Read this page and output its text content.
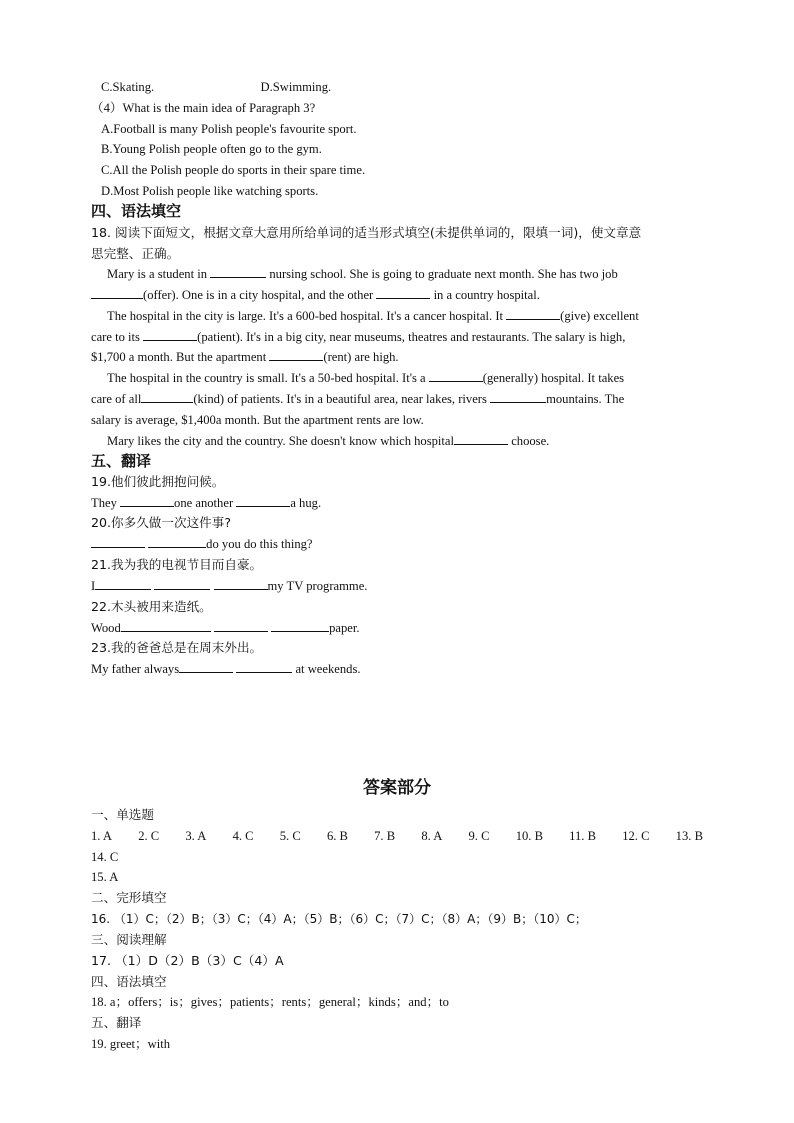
C.Skating.	D.Swimming.
（4）What is the main idea of Paragraph 3?
A.Football is many Polish people's favourite sport.
B.Young Polish people often go to the gym.
C.All the Polish people do sports in their spare time.
D.Most Polish people like watching sports.
四、语法填空
18. 阅读下面短文，根据文章大意用所给单词的适当形式填空(未提供单词的，限填一词)，使文章意
思完整、正确。
Mary is a student in	nursing school. She is going to graduate next month. She has two job
(offer). One is in a city hospital, and the other	in a country hospital.
The hospital in the city is large. It's a 600-bed hospital. It's a cancer hospital. It	(give) excellent
care to its	(patient). It's in a big city, near museums, theatres and restaurants. The salary is high,
$1,700 a month. But the apartment	(rent) are high.
The hospital in the country is small. It's a 50-bed hospital. It's a	(generally) hospital. It takes
care of all	(kind) of patients. It's in a beautiful area, near lakes, rivers	mountains. The
salary is average, $1,400a month. But the apartment rents are low.
Mary likes the city and the country. She doesn't know which hospital	choose.
五、翻译
19.他们彼此拥抱问候。
They	one another	a hug.
20.你多久做一次这件事?
do you do this thing?
21.我为我的电视节目而自豪。
I	my TV programme.
22.木头被用来造纸。
Wood	paper.
23.我的爸爸总是在周末外出。
My father always	at weekends.
答案部分
一、单选题
1. A 2. C 3. A 4. C 5. C 6. B 7. B 8. A 9. C 10. B 11. B 12. C 13. B
14. C
15. A
二、完形填空
16. （1）C；（2）B；（3）C；（4）A；（5）B；（6）C；（7）C；（8）A；（9）B；（10）C；
三、阅读理解
17. （1）D（2）B（3）C（4）A
四、语法填空
18. a；offers；is；gives；patients；rents；general；kinds；and；to
五、翻译
19. greet；with
